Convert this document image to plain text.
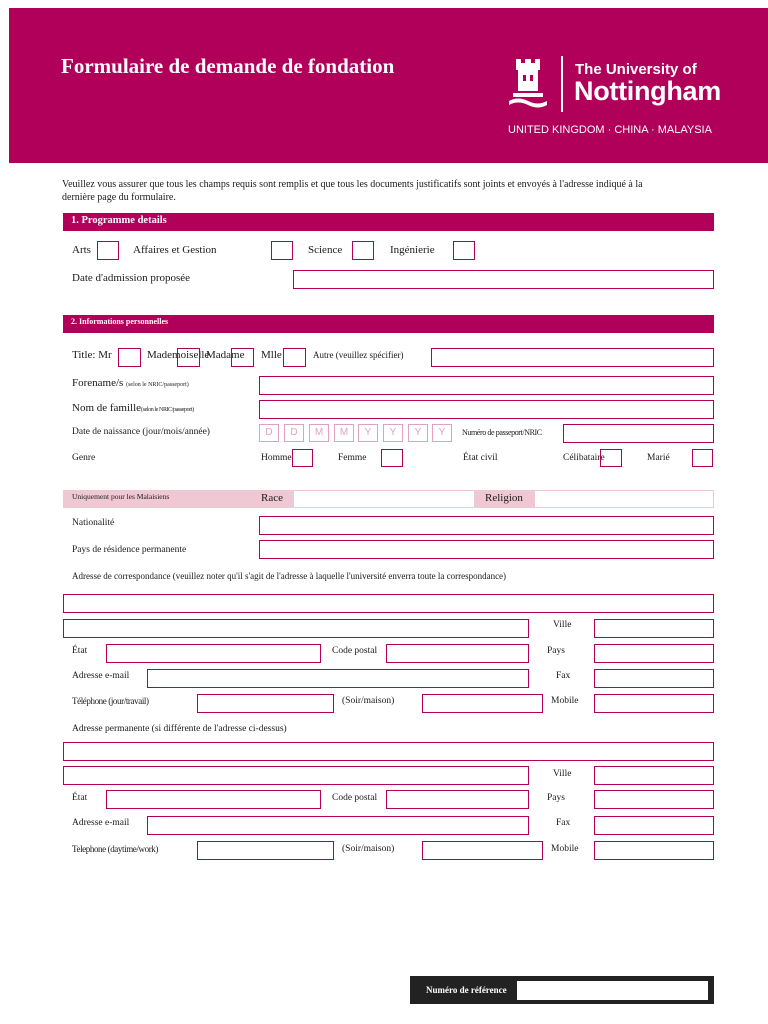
Formulaire de demande de fondation	The University of
Nottingham
UNITED KINGDOM · CHINA · MALAYSIA
Veuillez vous assurer que tous les champs requis sont remplis et que tous les documents justificatifs sont joints et envoyés à l'adresse indiqué à la dernière page du formulaire.
1. Programme details
Arts	Affaires et Gestion	Science	Ingénierie
Date d'admission proposée
2. Informations personnelles
Title: Mr	Mademoiselle
Madame Mlle	Autre (veuillez spécifier)
Forename/s (selon le NRIC/passeport)
Nom de famille(selon le NRIC/passeport)
Date de naissance (jour/mois/année)	D	D	M	M	Y	Y	Y	Y	Numéro de passeport/NRIC
Genre	Homme	Femme	État civil	Célibataire	Marié
Uniquement pour les Malaisiens	Race	Religion
Nationalité
Pays de résidence permanente
Adresse de correspondance (veuillez noter qu'il s'agit de l'adresse à laquelle l'université enverra toute la correspondance)
Ville
État	Code postal	Pays
Adresse e-mail	Fax
Téléphone (jour/travail)	(Soir/maison)	Mobile
Adresse permanente (si différente de l'adresse ci-dessus)
Ville
État	Code postal	Pays
Adresse e-mail	Fax
Telephone (daytime/work)	(Soir/maison)	Mobile
Numéro de référence
